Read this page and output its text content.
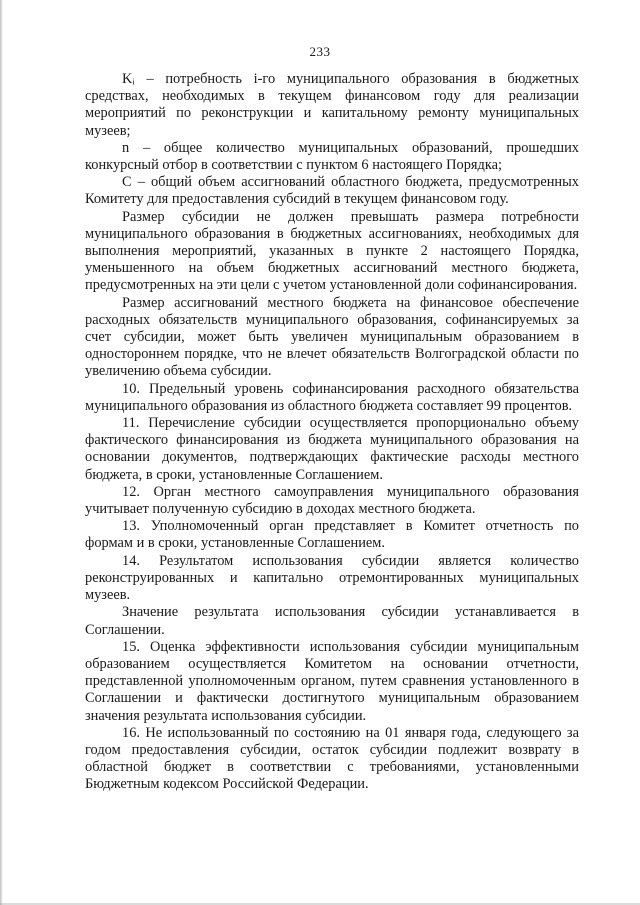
233

Kᵢ – потребность i-го муниципального образования в бюджетных средствах, необходимых в текущем финансовом году для реализации мероприятий по реконструкции и капитальному ремонту муниципальных музеев;

n – общее количество муниципальных образований, прошедших конкурсный отбор в соответствии с пунктом 6 настоящего Порядка;

С – общий объем ассигнований областного бюджета, предусмотренных Комитету для предоставления субсидий в текущем финансовом году.

Размер субсидии не должен превышать размера потребности муниципального образования в бюджетных ассигнованиях, необходимых для выполнения мероприятий, указанных в пункте 2 настоящего Порядка, уменьшенного на объем бюджетных ассигнований местного бюджета, предусмотренных на эти цели с учетом установленной доли софинансирования.

Размер ассигнований местного бюджета на финансовое обеспечение расходных обязательств муниципального образования, софинансируемых за счет субсидии, может быть увеличен муниципальным образованием в одностороннем порядке, что не влечет обязательств Волгоградской области по увеличению объема субсидии.

10. Предельный уровень софинансирования расходного обязательства муниципального образования из областного бюджета составляет 99 процентов.

11. Перечисление субсидии осуществляется пропорционально объему фактического финансирования из бюджета муниципального образования на основании документов, подтверждающих фактические расходы местного бюджета, в сроки, установленные Соглашением.

12. Орган местного самоуправления муниципального образования учитывает полученную субсидию в доходах местного бюджета.

13. Уполномоченный орган представляет в Комитет отчетность по формам и в сроки, установленные Соглашением.

14. Результатом использования субсидии является количество реконструированных и капитально отремонтированных муниципальных музеев.

Значение результата использования субсидии устанавливается в Соглашении.

15. Оценка эффективности использования субсидии муниципальным образованием осуществляется Комитетом на основании отчетности, представленной уполномоченным органом, путем сравнения установленного в Соглашении и фактически достигнутого муниципальным образованием значения результата использования субсидии.

16. Не использованный по состоянию на 01 января года, следующего за годом предоставления субсидии, остаток субсидии подлежит возврату в областной бюджет в соответствии с требованиями, установленными Бюджетным кодексом Российской Федерации.
